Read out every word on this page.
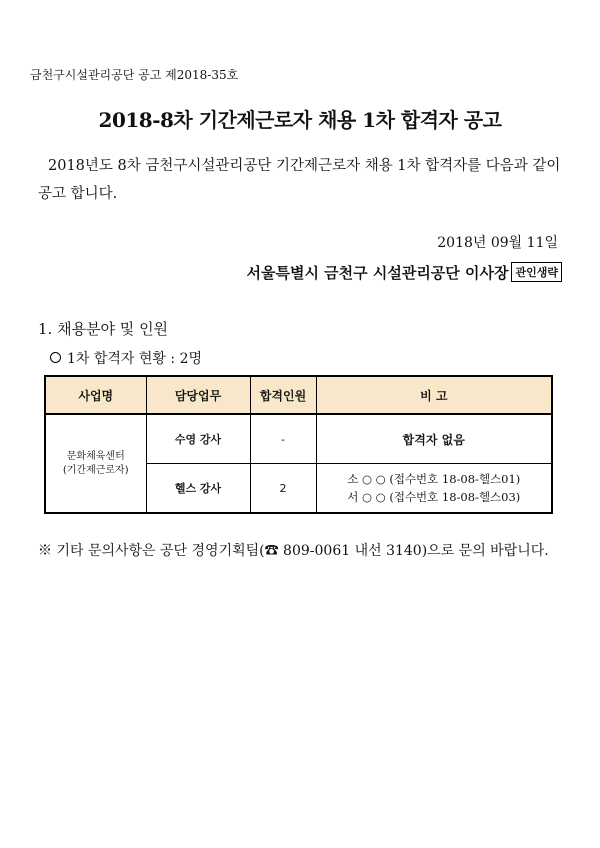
금천구시설관리공단 공고 제2018-35호
2018-8차 기간제근로자 채용 1차 합격자 공고
2018년도 8차 금천구시설관리공단 기간제근로자 채용 1차 합격자를 다음과 같이 공고 합니다.
2018년 09월 11일
서울특별시 금천구 시설관리공단 이사장 관인생략
1. 채용분야 및 인원
1차 합격자 현황 : 2명
사업명	담당업무	합격인원	비 고
문화체육센터
(기간제근로자)	수영 강사	-	합격자 없음
	헬스 강사	2	소 ○ ○ (접수번호 18-08-헬스01)
서 ○ ○ (접수번호 18-08-헬스03)
※ 기타 문의사항은 공단 경영기획팀(☎ 809-0061 내선 3140)으로 문의 바랍니다.
